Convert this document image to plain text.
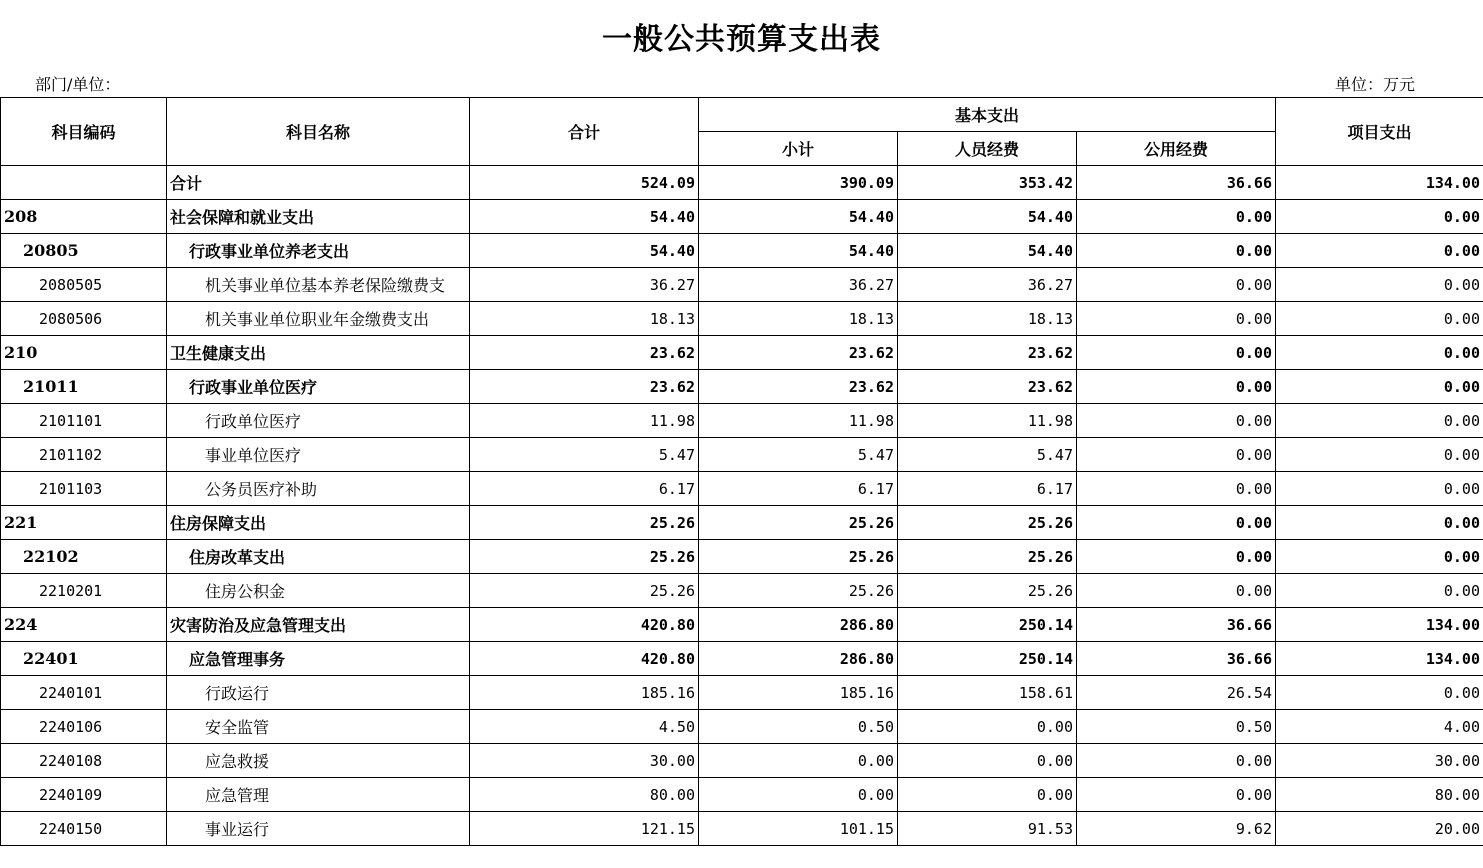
一般公共预算支出表
部门/单位：	单位：万元
科目编码	科目名称	合计	基本支出			项目支出
			小计	人员经费	公用经费	
	合计	524.09	390.09	353.42	36.66	134.00
208	社会保障和就业支出	54.40	54.40	54.40	0.00	0.00
20805	行政事业单位养老支出	54.40	54.40	54.40	0.00	0.00
2080505	机关事业单位基本养老保险缴费支	36.27	36.27	36.27	0.00	0.00
2080506	机关事业单位职业年金缴费支出	18.13	18.13	18.13	0.00	0.00
210	卫生健康支出	23.62	23.62	23.62	0.00	0.00
21011	行政事业单位医疗	23.62	23.62	23.62	0.00	0.00
2101101	行政单位医疗	11.98	11.98	11.98	0.00	0.00
2101102	事业单位医疗	5.47	5.47	5.47	0.00	0.00
2101103	公务员医疗补助	6.17	6.17	6.17	0.00	0.00
221	住房保障支出	25.26	25.26	25.26	0.00	0.00
22102	住房改革支出	25.26	25.26	25.26	0.00	0.00
2210201	住房公积金	25.26	25.26	25.26	0.00	0.00
224	灾害防治及应急管理支出	420.80	286.80	250.14	36.66	134.00
22401	应急管理事务	420.80	286.80	250.14	36.66	134.00
2240101	行政运行	185.16	185.16	158.61	26.54	0.00
2240106	安全监管	4.50	0.50	0.00	0.50	4.00
2240108	应急救援	30.00	0.00	0.00	0.00	30.00
2240109	应急管理	80.00	0.00	0.00	0.00	80.00
2240150	事业运行	121.15	101.15	91.53	9.62	20.00
